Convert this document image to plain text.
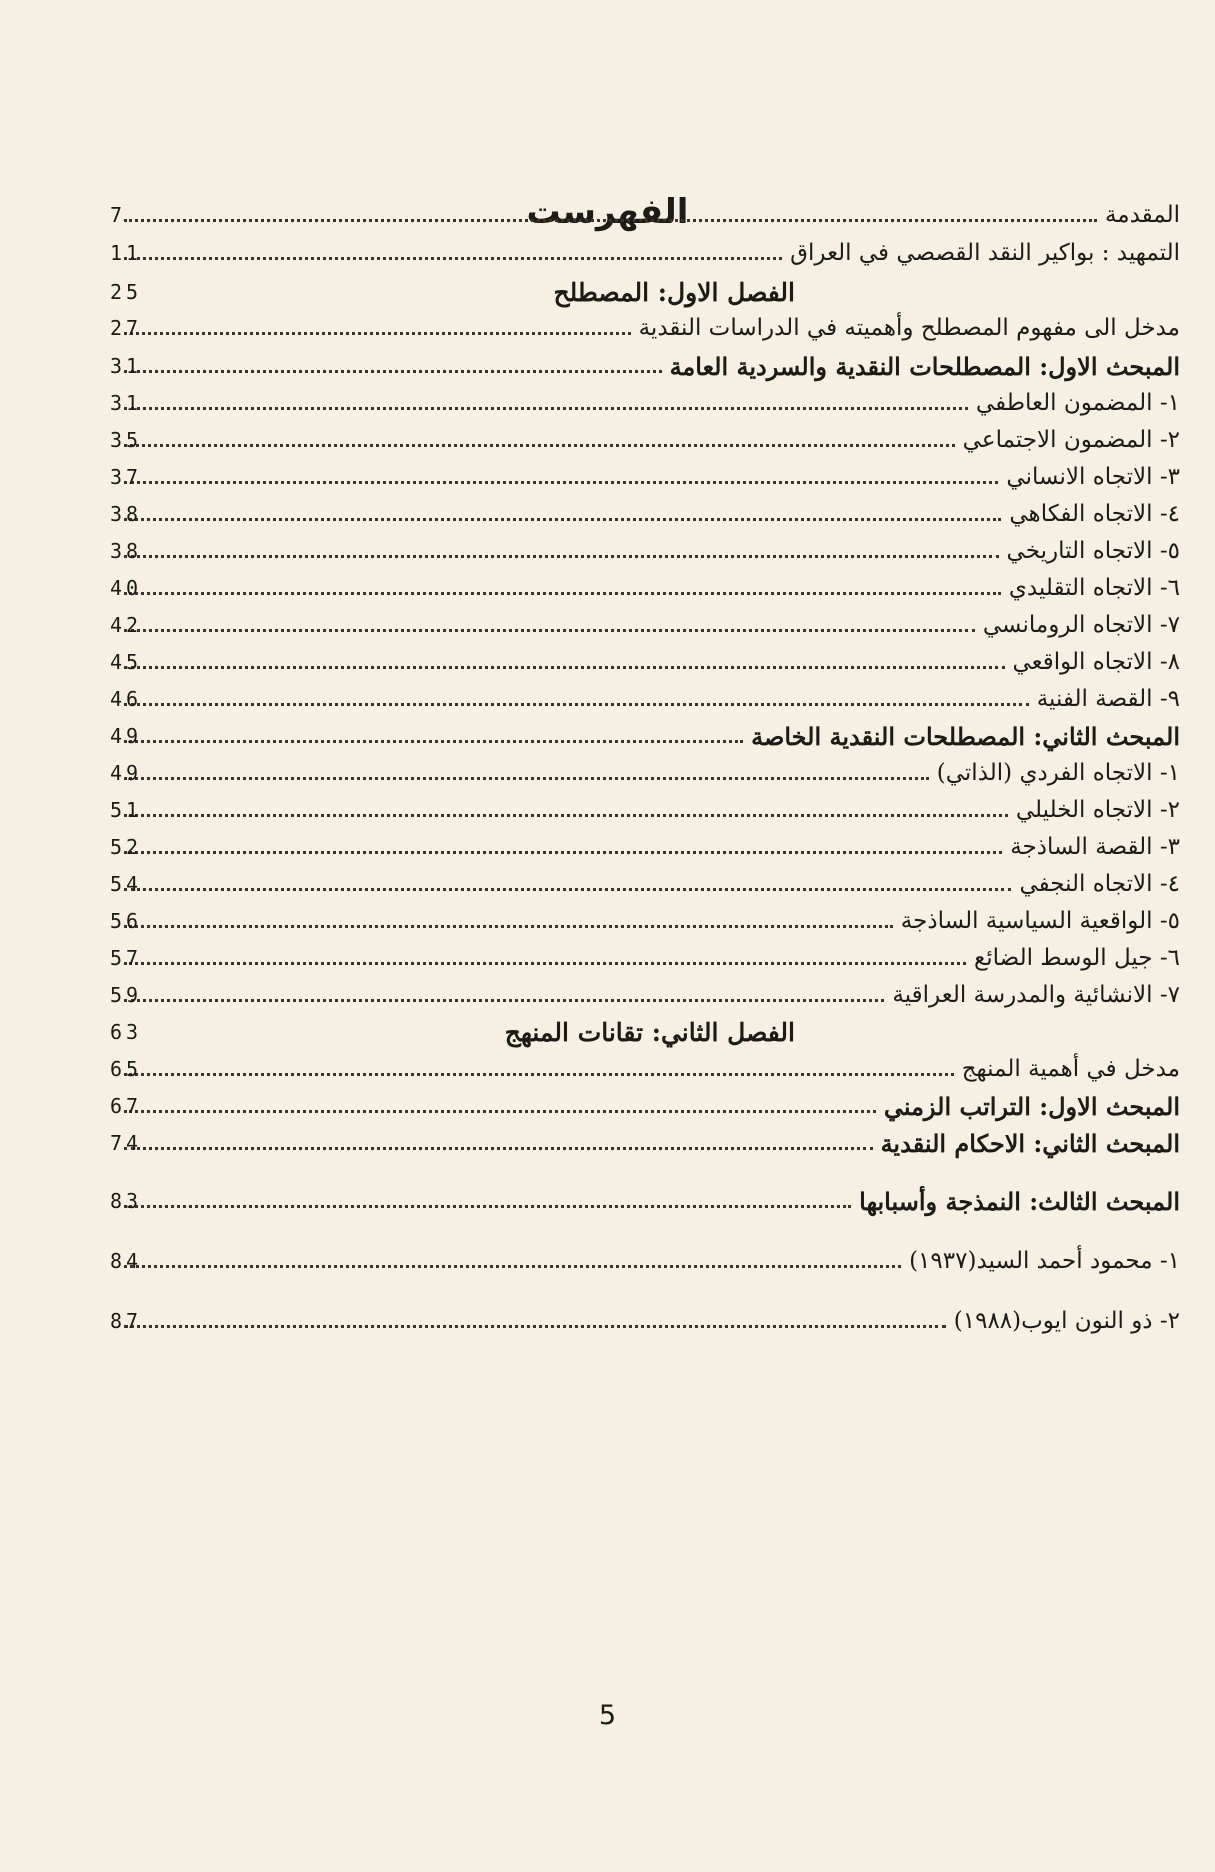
الفهرست	المقدمة
7
التمهيد : بواكير النقد القصصي في العراق
11
الفصل الاول: المصطلح
25
مدخل الى مفهوم المصطلح وأهميته في الدراسات النقدية
27
المبحث الاول: المصطلحات النقدية والسردية العامة
31
١- المضمون العاطفي
31
٢- المضمون الاجتماعي
35
٣- الاتجاه الانساني
37
٤- الاتجاه الفكاهي
38
٥- الاتجاه التاريخي
38
٦- الاتجاه التقليدي
40
٧- الاتجاه الرومانسي
42
٨- الاتجاه الواقعي
45
٩- القصة الفنية
46
المبحث الثاني: المصطلحات النقدية الخاصة
49
١- الاتجاه الفردي (الذاتي)
49
٢- الاتجاه الخليلي
51
٣- القصة الساذجة
52
٤- الاتجاه النجفي
54
٥- الواقعية السياسية الساذجة
56
٦- جيل الوسط الضائع
57
٧- الانشائية والمدرسة العراقية
59
الفصل الثاني: تقانات المنهج
63
مدخل في أهمية المنهج
65
المبحث الاول: التراتب الزمني
67
المبحث الثاني: الاحكام النقدية
74
المبحث الثالث: النمذجة وأسبابها
83
١- محمود أحمد السيد(١٩٣٧)
84
٢- ذو النون ايوب(١٩٨٨)
87
5
